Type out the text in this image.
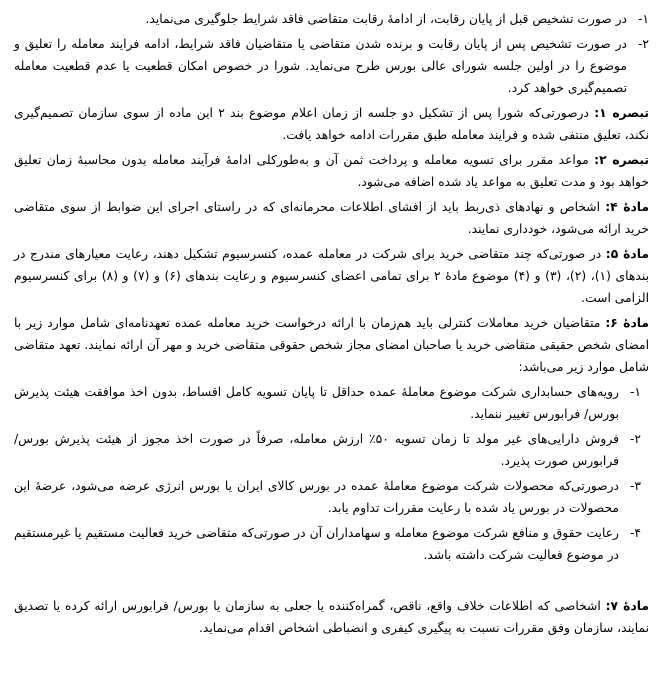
۱-
در صورت تشخیص قبل از پایان رقابت، از ادامۀ رقابت متقاضی فاقد شرایط جلوگیری می‌نماید.
۲-
در صورت تشخیص پس از پایان رقابت و برنده شدن متقاضی یا متقاضیان فاقد شرایط، ادامه فرایند معامله را تعلیق و موضوع را در اولین جلسه شورای عالی بورس طرح می‌نماید. شورا در خصوص امکان قطعیت یا عدم قطعیت معامله تصمیم‌گیری خواهد کرد.

تبصره ۱: درصورتی‌که شورا پس از تشکیل دو جلسه از زمان اعلام موضوع بند ۲ این ماده از سوی سازمان تصمیم‌گیری نکند، تعلیق منتفی شده و فرایند معامله طبق مقررات ادامه خواهد یافت.

تبصره ۲: مواعد مقرر برای تسویه معامله و پرداخت ثمن آن و به‌طورکلی ادامۀ فرآیند معامله بدون محاسبۀ زمان تعلیق خواهد بود و مدت تعلیق به مواعد یاد شده اضافه می‌شود.

مادۀ ۴: اشخاص و نهادهای ذی‌ربط باید از افشای اطلاعات محرمانه‌ای که در راستای اجرای این ضوابط از سوی متقاضی خرید ارائه می‌شود، خودداری نمایند.

مادۀ ۵: در صورتی‌که چند متقاضی خرید برای شرکت در معامله عمده، کنسرسیوم تشکیل دهند، رعایت معیارهای مندرج در بندهای (۱)، (۲)، (۳) و (۴) موضوع مادۀ ۲ برای تمامی اعضای کنسرسیوم و رعایت بندهای (۶) و (۷) و (۸) برای کنسرسیوم الزامی است.

مادۀ ۶: متقاضیان خرید معاملات کنترلی باید هم‌زمان با ارائه درخواست خرید معامله عمده تعهدنامه‌ای شامل موارد زیر با امضای شخص حقیقی متقاضی خرید یا صاحبان امضای مجاز شخص حقوقی متقاضی خرید و مهر آن ارائه نمایند. تعهد متقاضی شامل موارد زیر می‌باشد:

۱-
رویه‌های حسابداری شرکت موضوع معاملۀ عمده حداقل تا پایان تسویه کامل اقساط، بدون اخذ موافقت هیئت پذیرش بورس/ فرابورس تغییر ننماید.
۲-
فروش دارایی‌های غیر مولد تا زمان تسویه ۵۰٪ ارزش معامله، صرفاً در صورت اخذ مجوز از هیئت پذیرش بورس/ فرابورس صورت پذیرد.
۳-
درصورتی‌که محصولات شرکت موضوع معاملۀ عمده در بورس کالای ایران یا بورس انرژی عرضه می‌شود، عرضۀ این محصولات در بورس یاد شده با رعایت مقررات تداوم یابد.
۴-
رعایت حقوق و منافع شرکت موضوع معامله و سهامداران آن در صورتی‌که متقاضی خرید فعالیت مستقیم یا غیرمستقیم در موضوع فعالیت شرکت داشته باشد.

مادۀ ۷: اشخاصی که اطلاعات خلاف واقع، ناقص، گمراه‌کننده یا جعلی به سازمان یا بورس/ فرابورس ارائه کرده یا تصدیق نمایند، سازمان وفق مقررات نسبت به پیگیری کیفری و انضباطی اشخاص اقدام می‌نماید.
